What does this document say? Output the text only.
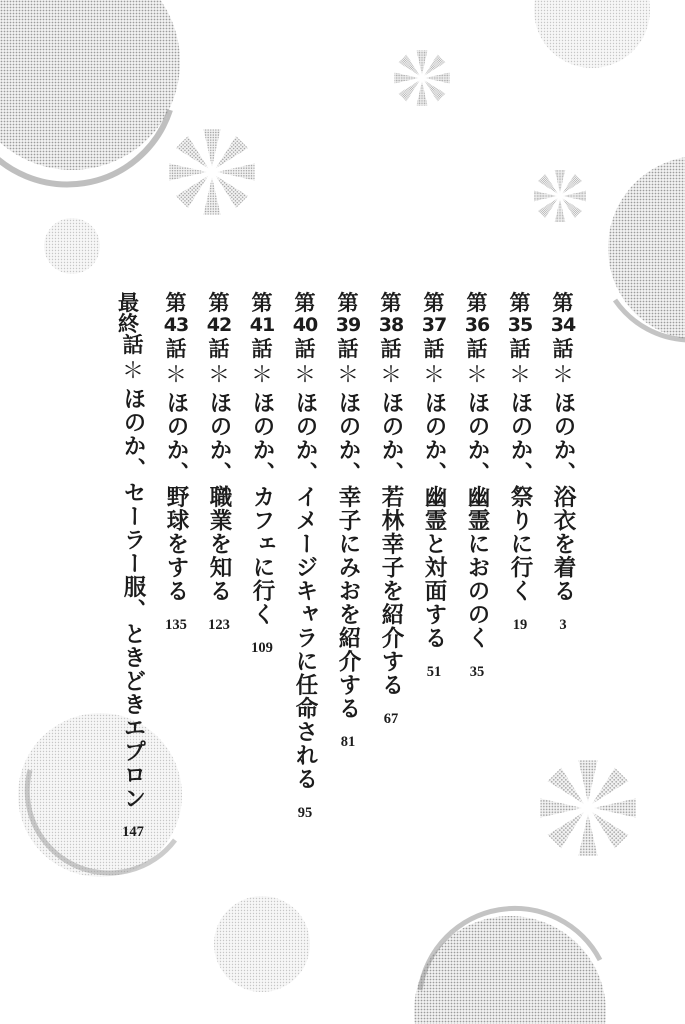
第
34
話
＊
ほのか、浴衣を着る
3
第
35
話
＊
ほのか、祭りに行く
19
第
36
話
＊
ほのか、幽霊におののく
35
第
37
話
＊
ほのか、幽霊と対面する
51
第
38
話
＊
ほのか、若林幸子を紹介する
67
第
39
話
＊
ほのか、幸子にみおを紹介する
81
第
40
話
＊
ほのか、イメージキャラに任命される
95
第
41
話
＊
ほのか、カフェに行く
109
第
42
話
＊
ほのか、職業を知る
123
第
43
話
＊
ほのか、野球をする
135
最終
話
＊
ほのか、セーラー服、ときどきエプロン
147
